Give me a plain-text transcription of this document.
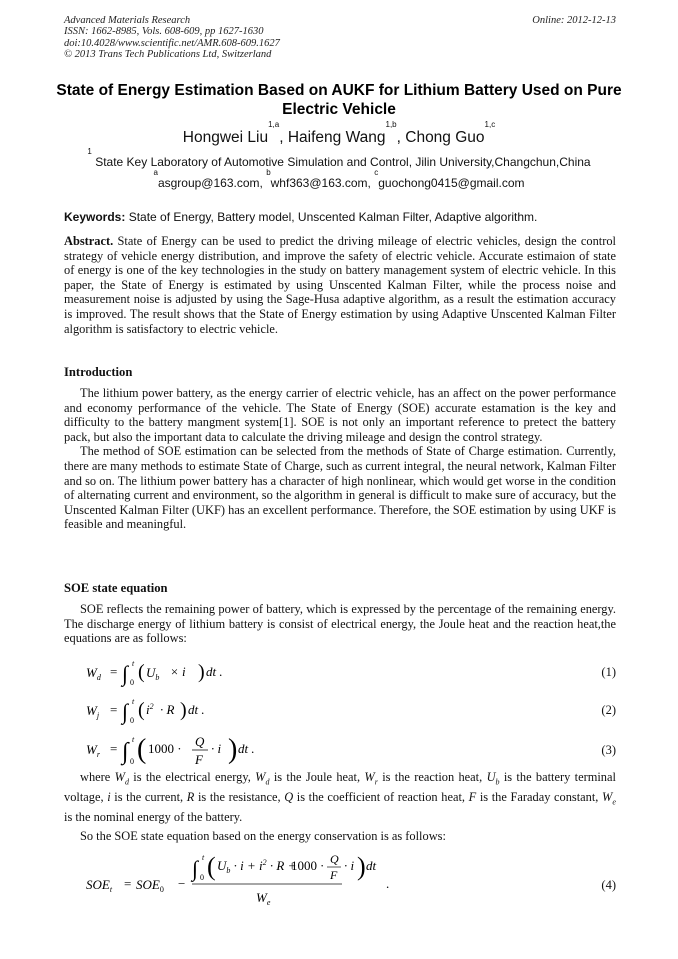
Advanced Materials Research
ISSN: 1662-8985, Vols. 608-609, pp 1627-1630
doi:10.4028/www.scientific.net/AMR.608-609.1627
© 2013 Trans Tech Publications Ltd, Switzerland
Online: 2012-12-13
State of Energy Estimation Based on AUKF for Lithium Battery Used on Pure Electric Vehicle
Hongwei Liu$^{1,a}$, Haifeng Wang$^{1,b}$, Chong Guo$^{1,c}$
$^1$ State Key Laboratory of Automotive Simulation and Control, Jilin University,Changchun,China
$^a$asgroup@163.com, $^b$whf363@163.com, $^c$guochong0415@gmail.com
Keywords: State of Energy, Battery model, Unscented Kalman Filter, Adaptive algorithm.
Abstract. State of Energy can be used to predict the driving mileage of electric vehicles, design the control strategy of vehicle energy distribution, and improve the safety of electric vehicle. Accurate estimaion of state of energy is one of the key technologies in the study on battery management system of electric vehicle. In this paper, the State of Energy is estimated by using Unscented Kalman Filter, while the process noise and measurement noise is adjusted by using the Sage-Husa adaptive algorithm, as a result the estimation accuracy is improved. The result shows that the State of Energy estimation by using Adaptive Unscented Kalman Filter algorithm is satisfactory to electric vehicle.
Introduction

The lithium power battery, as the energy carrier of electric vehicle, has an affect on the power performance and economy performance of the vehicle. The State of Energy (SOE) accurate estamation is the key and difficulty to the battery mangment system[1]. SOE is not only an important reference to pretect the battery pack, but also the important data to calculate the driving mileage and design the control strategy.

The method of SOE estimation can be selected from the methods of State of Charge estimation. Currently, there are many methods to estimate State of Charge, such as current integral, the neural network, Kalman Filter and so on. The lithium power battery has a character of high nonlinear, which would get worse in the condition of alternating current and environment, so the algorithm in general is difficult to make sure of accuracy, but the Unscented Kalman Filter (UKF) has an excellent performance. Therefore, the SOE estimation by using UKF is feasible and meaningful.

SOE state equation

SOE reflects the remaining power of battery, which is expressed by the percentage of the remaining energy. The discharge energy of lithium battery is consist of electrical energy, the Joule heat and the reaction heat,the equations are as follows:

$W_d$ = ∫ t
0 ( $U_b \times i$ ) dt .	(1)
$W_j$ = ∫ t
0 ( $i^2 \cdot R$ ) dt .	(2)
$W_r$ = ∫ t
0 ( 1000 · Q
F
· i ) dt .	(3)

where $W_d$ is the electrical energy, $W_d$ is the Joule heat, $W_r$ is the reaction heat, $U_b$ is the battery terminal voltage, i is the current, R is the resistance, Q is the coefficient of reaction heat, F is the Faraday constant, $W_e$ is the nominal energy of the battery.

So the SOE state equation based on the energy conservation is as follows:

$SOE_t = SOE_0$ −
∫ t
0 ( $U_b \cdot i + i^2 \cdot R$ +
1000 · Q
F
· i ) dt
$W_e$
.	(4)
